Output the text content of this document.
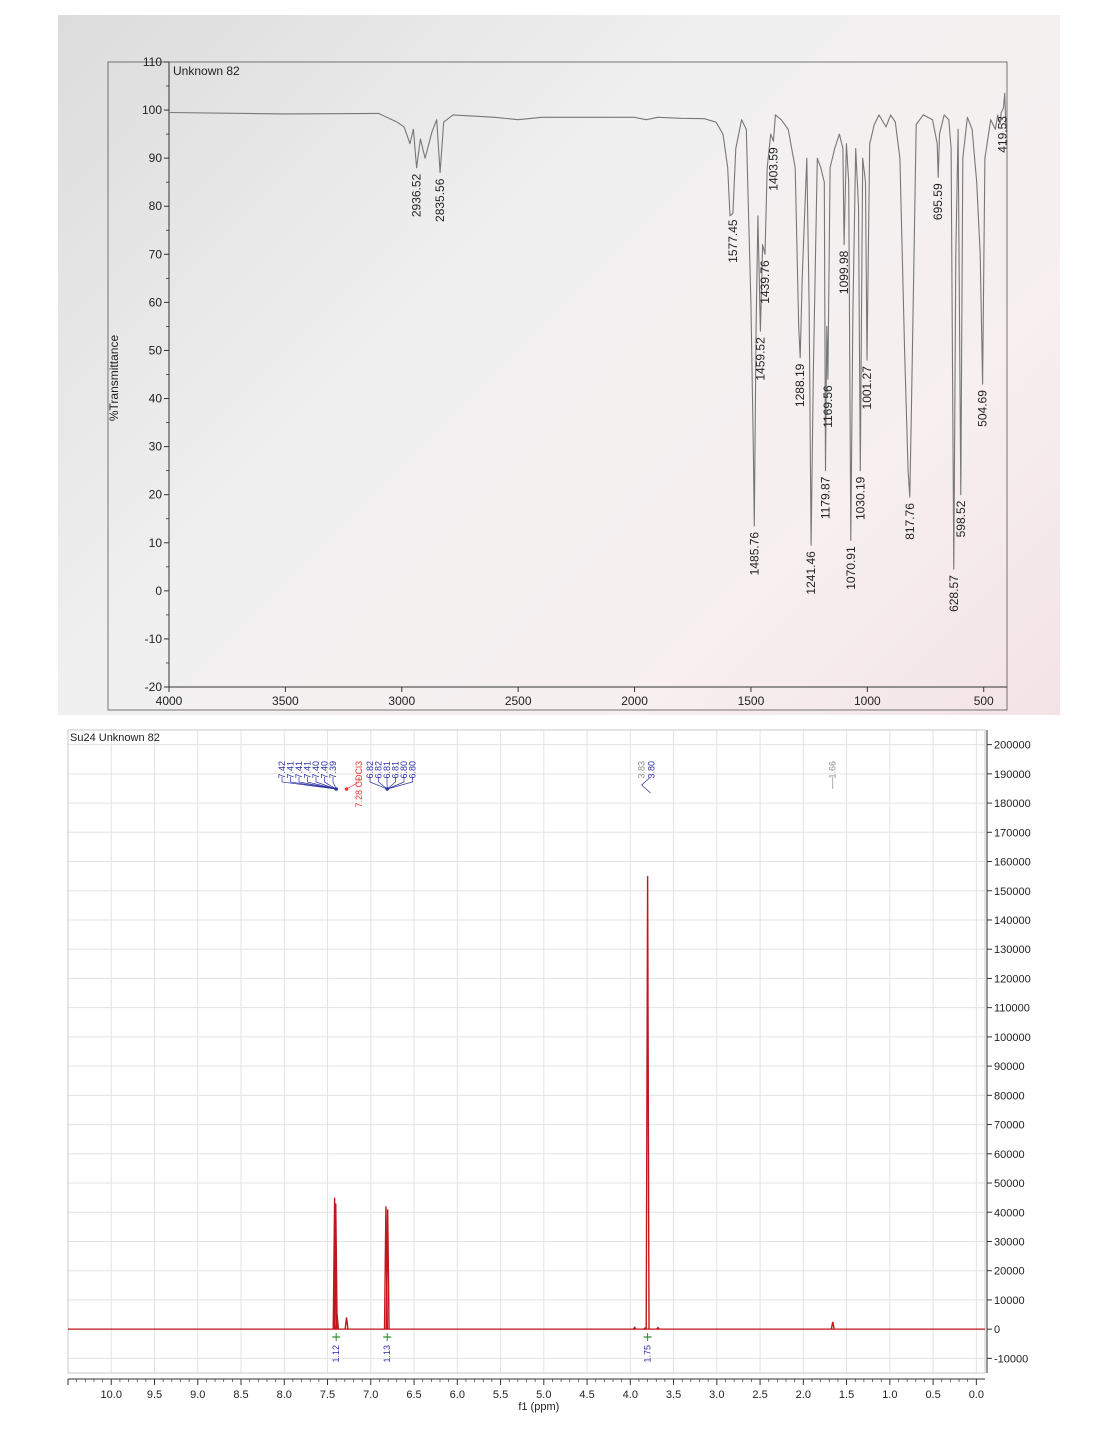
110
100
90
80
70
60
50
40
30
20
10
0
-10
-20
4000	3500	3000	2500	2000	1500	1000	500
Unknown 82
%Transmittance
2936.52 2835.56
1577.45
1485.76
1459.52
1439.76
1403.59
1288.19
1241.46
1179.87
1169.56
1099.98
1070.91
1030.19
1001.27
817.76
695.59
628.57
598.52
504.69
419.53
200000
190000
180000
170000
160000
150000
140000
130000
120000
110000
100000
90000
80000
70000
60000
50000
40000
30000
20000
10000
0
-10000
10.0 9.5	9.0	8.5	8.0	7.5	7.0	6.5	6.0	5.5	5.0	4.5	4.0	3.5	3.0	2.5	2.0	1.5	1.0	0.5	0.0
f1 (ppm)
Su24 Unknown 82
7.42
7.41
7.41
7.41
7.40
7.40
7.39 7.28 CDCl3 6.82
6.82
6.81
6.81
6.80
6.80	3.83 3.80	1.66
1.12	1.13	1.75
